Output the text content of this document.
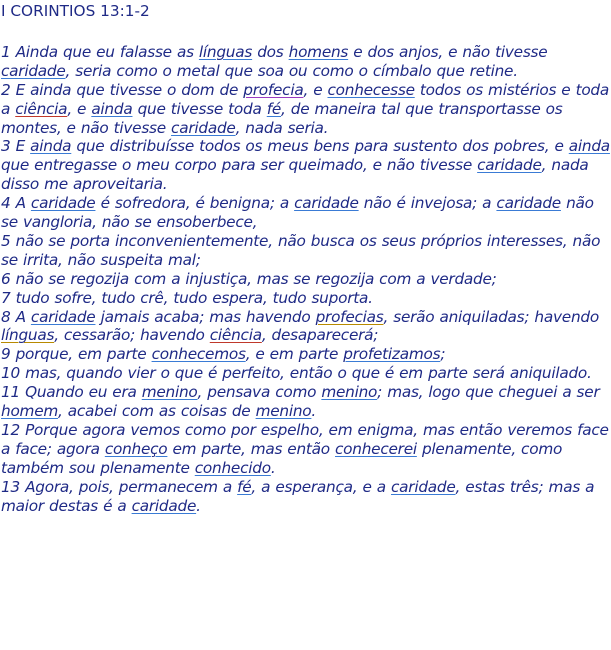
I CORINTIOS 13:1-2

1 Ainda que eu falasse as línguas dos homens e dos anjos, e não tivesse caridade, seria como o metal que soa ou como o címbalo que retine.

2 E ainda que tivesse o dom de profecia, e conhecesse todos os mistérios e toda a ciência, e ainda que tivesse toda fé, de maneira tal que transportasse os montes, e não tivesse caridade, nada seria.

3 E ainda que distribuísse todos os meus bens para sustento dos pobres, e ainda que entregasse o meu corpo para ser queimado, e não tivesse caridade, nada disso me aproveitaria.

4 A caridade é sofredora, é benigna; a caridade não é invejosa; a caridade não se vangloria, não se ensoberbece,

5 não se porta inconvenientemente, não busca os seus próprios interesses, não se irrita, não suspeita mal;

6 não se regozija com a injustiça, mas se regozija com a verdade;

7 tudo sofre, tudo crê, tudo espera, tudo suporta.

8 A caridade jamais acaba; mas havendo profecias, serão aniquiladas; havendo línguas, cessarão; havendo ciência, desaparecerá;

9 porque, em parte conhecemos, e em parte profetizamos;

10 mas, quando vier o que é perfeito, então o que é em parte será aniquilado.

11 Quando eu era menino, pensava como menino; mas, logo que cheguei a ser homem, acabei com as coisas de menino.

12 Porque agora vemos como por espelho, em enigma, mas então veremos face a face; agora conheço em parte, mas então conhecerei plenamente, como também sou plenamente conhecido.

13 Agora, pois, permanecem a fé, a esperança, e a caridade, estas três; mas a maior destas é a caridade.
